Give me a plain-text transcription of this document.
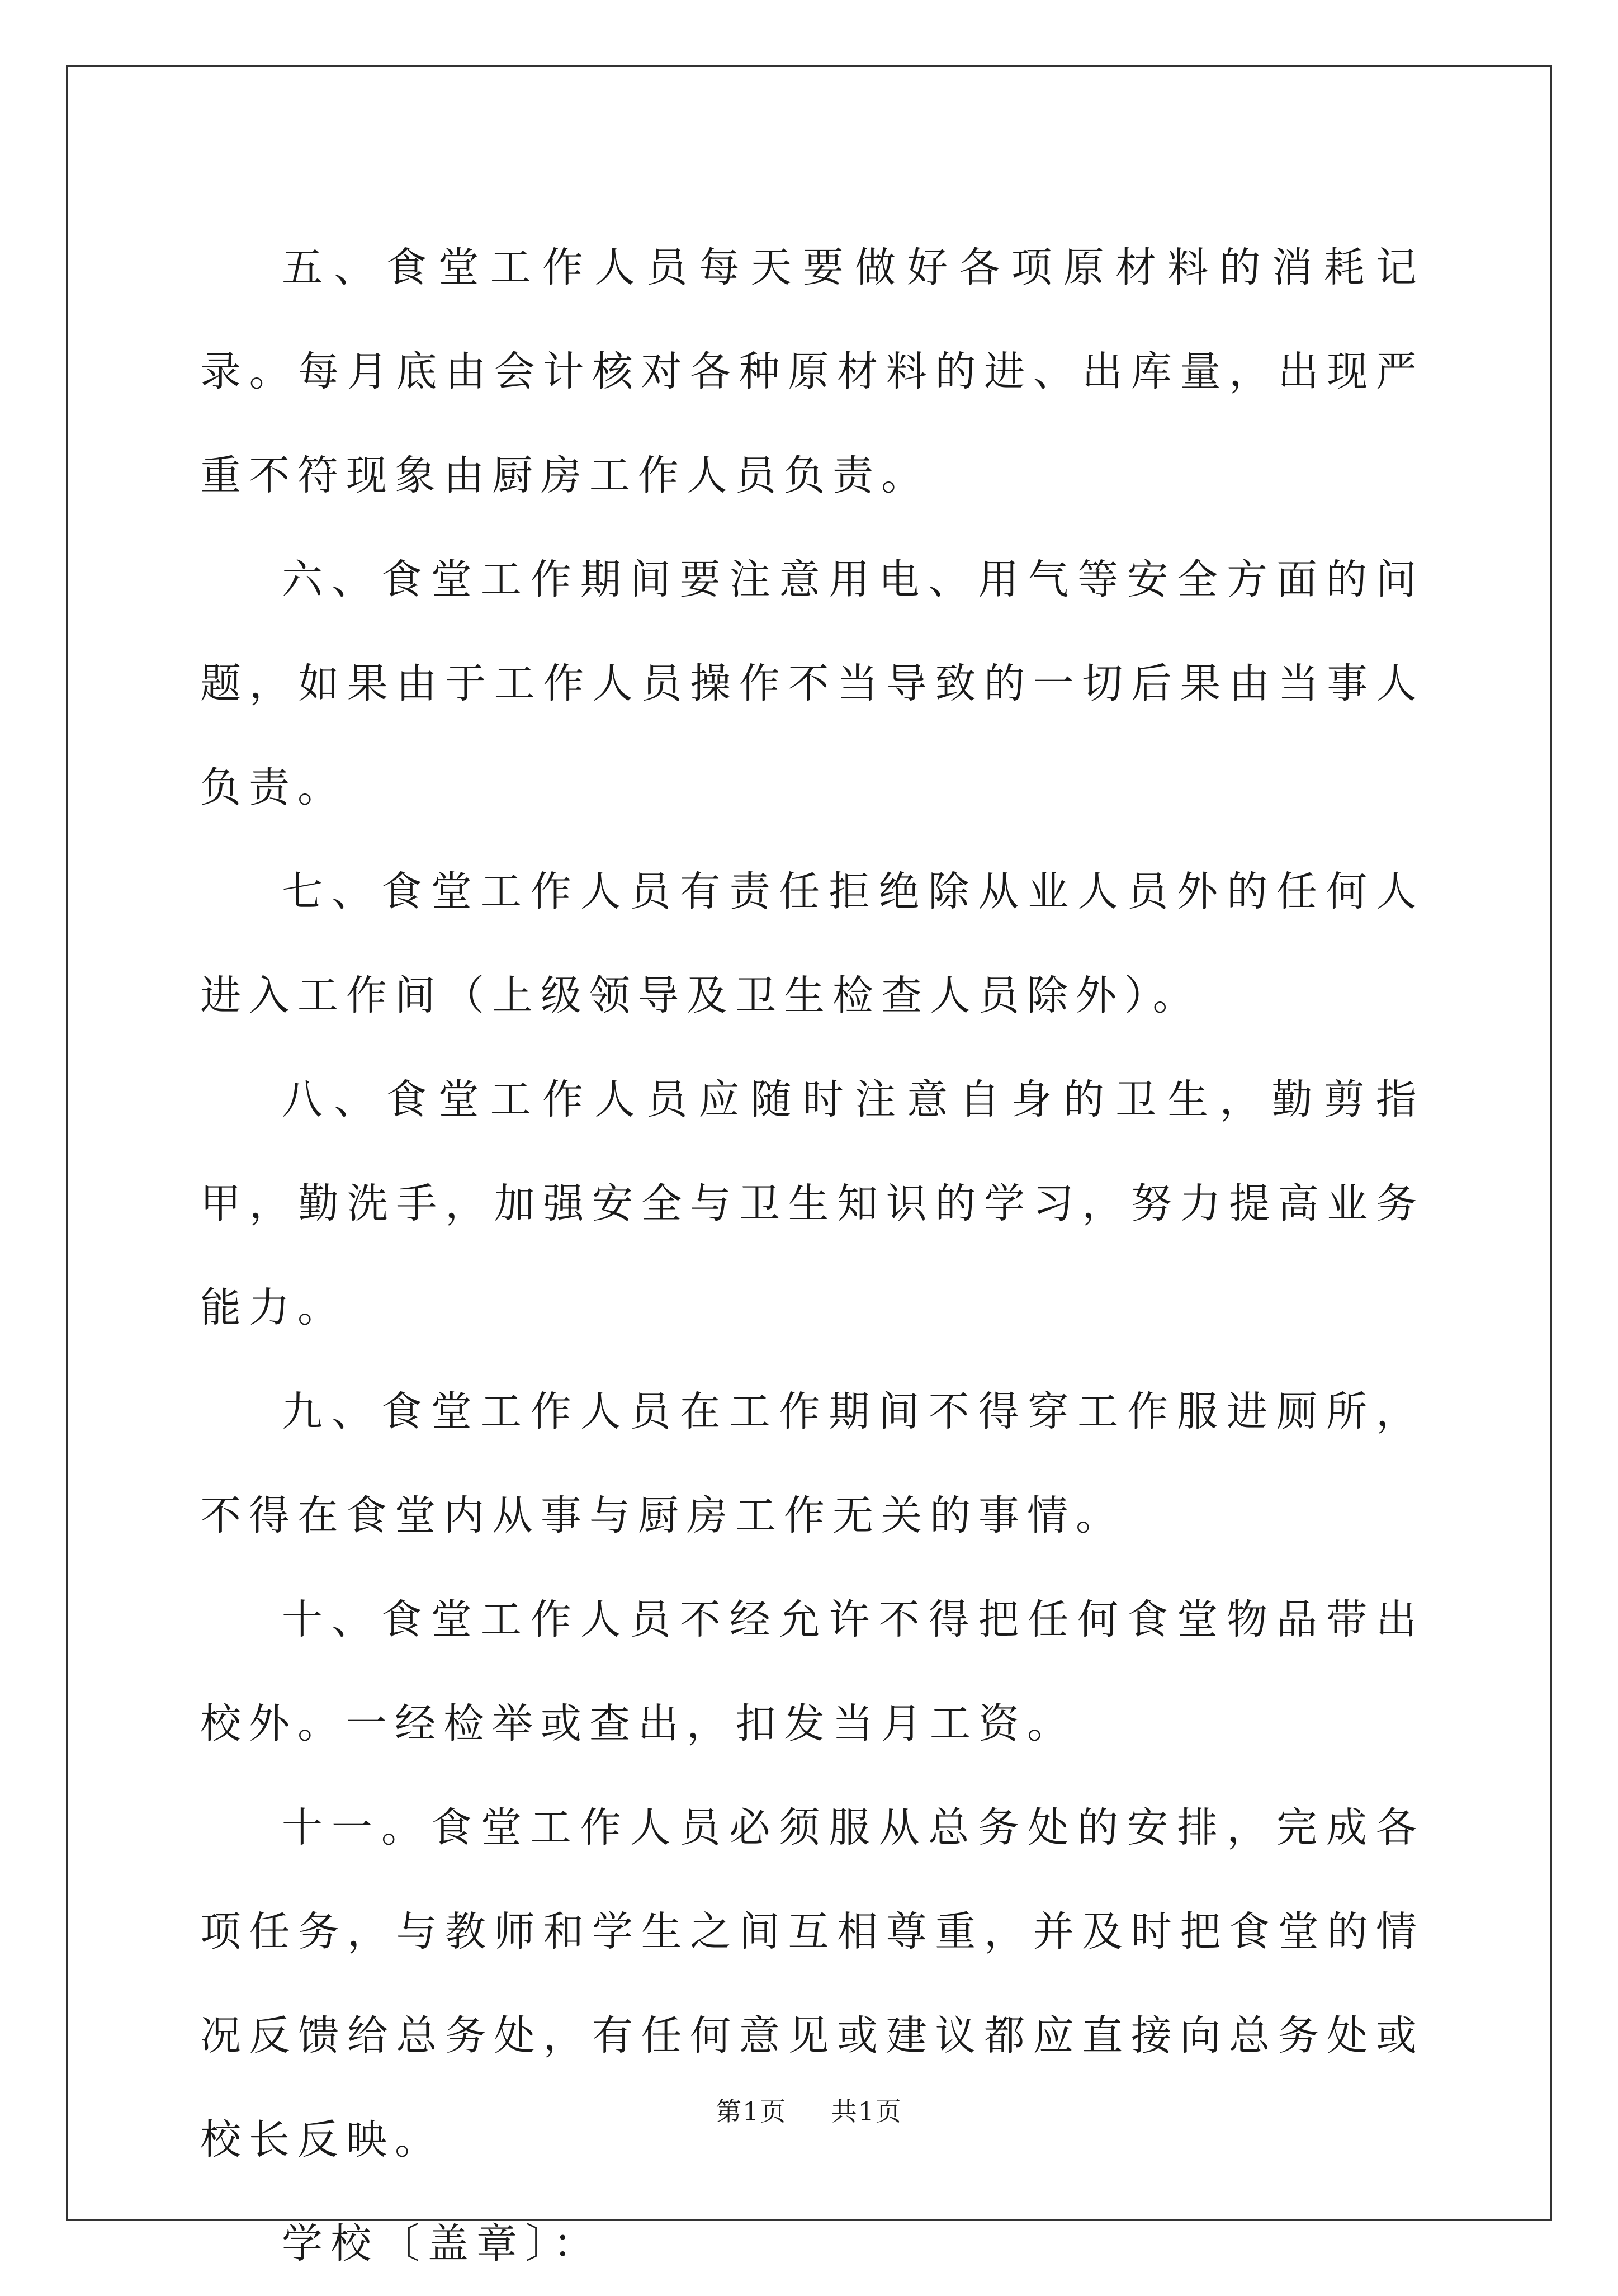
五、食堂工作人员每天要做好各项原材料的消耗记录。每月底由会计核对各种原材料的进、出库量，出现严重不符现象由厨房工作人员负责。

六、食堂工作期间要注意用电、用气等安全方面的问题，如果由于工作人员操作不当导致的一切后果由当事人负责。

七、食堂工作人员有责任拒绝除从业人员外的任何人进入工作间（上级领导及卫生检查人员除外）。

八、食堂工作人员应随时注意自身的卫生，勤剪指甲，勤洗手，加强安全与卫生知识的学习，努力提高业务能力。

九、食堂工作人员在工作期间不得穿工作服进厕所，不得在食堂内从事与厨房工作无关的事情。

十、食堂工作人员不经允许不得把任何食堂物品带出校外。一经检举或查出，扣发当月工资。

十一。食堂工作人员必须服从总务处的安排，完成各项任务，与教师和学生之间互相尊重，并及时把食堂的情况反馈给总务处，有任何意见或建议都应直接向总务处或校长反映。

学校〔盖章〕：

第1页 共1页
